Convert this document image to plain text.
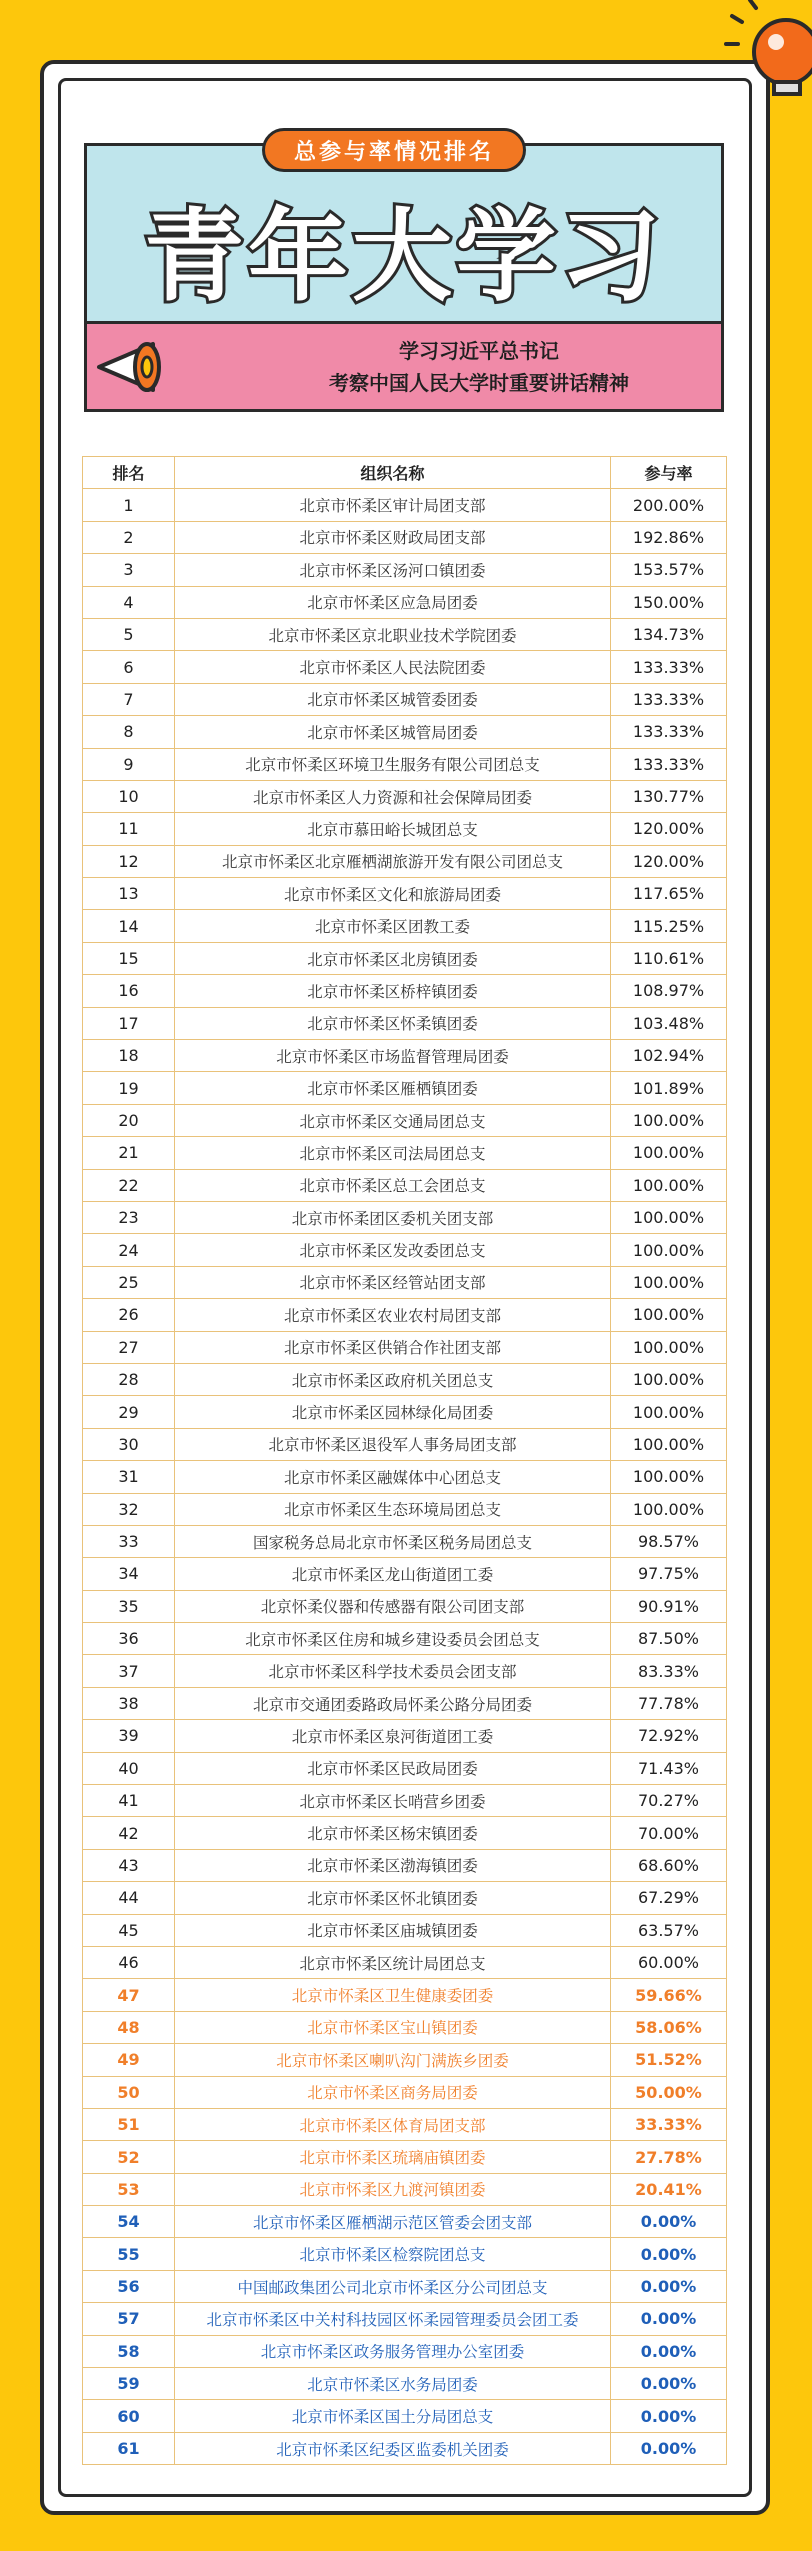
总参与率情况排名
青年大学习
学习习近平总书记
考察中国人民大学时重要讲话精神
排名	组织名称	参与率
1	北京市怀柔区审计局团支部	200.00%
2	北京市怀柔区财政局团支部	192.86%
3	北京市怀柔区汤河口镇团委	153.57%
4	北京市怀柔区应急局团委	150.00%
5	北京市怀柔区京北职业技术学院团委	134.73%
6	北京市怀柔区人民法院团委	133.33%
7	北京市怀柔区城管委团委	133.33%
8	北京市怀柔区城管局团委	133.33%
9	北京市怀柔区环境卫生服务有限公司团总支	133.33%
10	北京市怀柔区人力资源和社会保障局团委	130.77%
11	北京市慕田峪长城团总支	120.00%
12	北京市怀柔区北京雁栖湖旅游开发有限公司团总支	120.00%
13	北京市怀柔区文化和旅游局团委	117.65%
14	北京市怀柔区团教工委	115.25%
15	北京市怀柔区北房镇团委	110.61%
16	北京市怀柔区桥梓镇团委	108.97%
17	北京市怀柔区怀柔镇团委	103.48%
18	北京市怀柔区市场监督管理局团委	102.94%
19	北京市怀柔区雁栖镇团委	101.89%
20	北京市怀柔区交通局团总支	100.00%
21	北京市怀柔区司法局团总支	100.00%
22	北京市怀柔区总工会团总支	100.00%
23	北京市怀柔团区委机关团支部	100.00%
24	北京市怀柔区发改委团总支	100.00%
25	北京市怀柔区经管站团支部	100.00%
26	北京市怀柔区农业农村局团支部	100.00%
27	北京市怀柔区供销合作社团支部	100.00%
28	北京市怀柔区政府机关团总支	100.00%
29	北京市怀柔区园林绿化局团委	100.00%
30	北京市怀柔区退役军人事务局团支部	100.00%
31	北京市怀柔区融媒体中心团总支	100.00%
32	北京市怀柔区生态环境局团总支	100.00%
33	国家税务总局北京市怀柔区税务局团总支	98.57%
34	北京市怀柔区龙山街道团工委	97.75%
35	北京怀柔仪器和传感器有限公司团支部	90.91%
36	北京市怀柔区住房和城乡建设委员会团总支	87.50%
37	北京市怀柔区科学技术委员会团支部	83.33%
38	北京市交通团委路政局怀柔公路分局团委	77.78%
39	北京市怀柔区泉河街道团工委	72.92%
40	北京市怀柔区民政局团委	71.43%
41	北京市怀柔区长哨营乡团委	70.27%
42	北京市怀柔区杨宋镇团委	70.00%
43	北京市怀柔区渤海镇团委	68.60%
44	北京市怀柔区怀北镇团委	67.29%
45	北京市怀柔区庙城镇团委	63.57%
46	北京市怀柔区统计局团总支	60.00%
47	北京市怀柔区卫生健康委团委	59.66%
48	北京市怀柔区宝山镇团委	58.06%
49	北京市怀柔区喇叭沟门满族乡团委	51.52%
50	北京市怀柔区商务局团委	50.00%
51	北京市怀柔区体育局团支部	33.33%
52	北京市怀柔区琉璃庙镇团委	27.78%
53	北京市怀柔区九渡河镇团委	20.41%
54	北京市怀柔区雁栖湖示范区管委会团支部	0.00%
55	北京市怀柔区检察院团总支	0.00%
56	中国邮政集团公司北京市怀柔区分公司团总支	0.00%
57	北京市怀柔区中关村科技园区怀柔园管理委员会团工委	0.00%
58	北京市怀柔区政务服务管理办公室团委	0.00%
59	北京市怀柔区水务局团委	0.00%
60	北京市怀柔区国土分局团总支	0.00%
61	北京市怀柔区纪委区监委机关团委	0.00%
